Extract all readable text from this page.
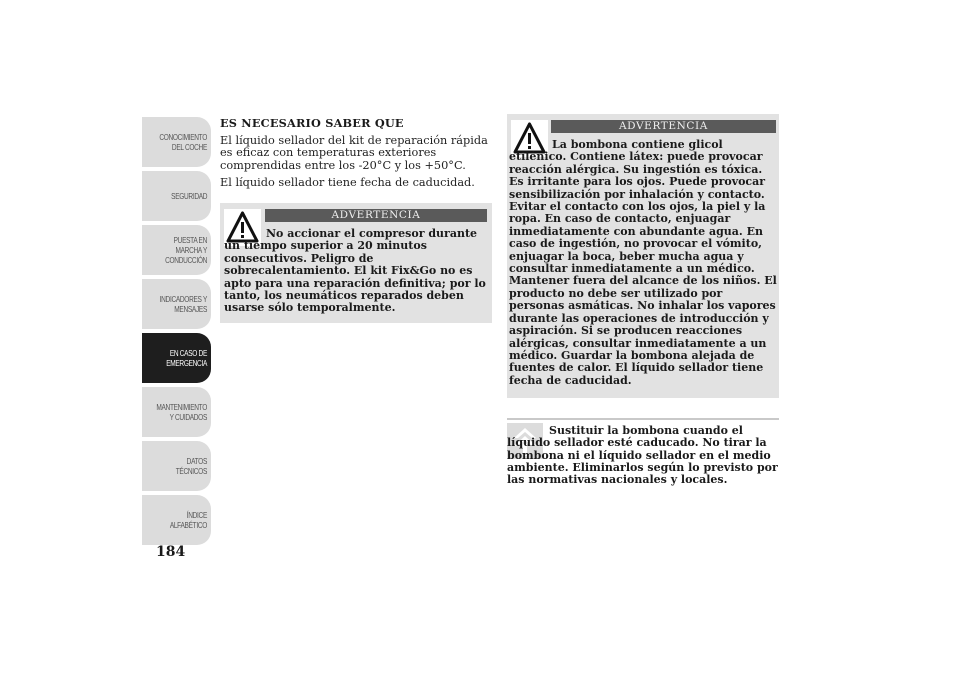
CONOCIMIENTO DEL COCHE
SEGURIDAD
PUESTA EN MARCHA Y CONDUCCIÓN
INDICADORES Y MENSAJES
EN CASO DE EMERGENCIA
MANTENIMIENTO Y CUIDADOS
DATOS TÉCNICOS
ÍNDICE ALFABÉTICO
184
ES NECESARIO SABER QUE
El líquido sellador del kit de reparación rápida es eficaz con temperaturas exteriores comprendidas entre los -20°C y los +50°C.
El líquido sellador tiene fecha de caducidad.
ADVERTENCIA
No accionar el compresor durante un tiempo superior a 20 minutos consecutivos. Peligro de sobrecalentamiento. El kit Fix&Go no es apto para una reparación definitiva; por lo tanto, los neumáticos reparados deben usarse sólo temporalmente.
ADVERTENCIA
La bombona contiene glicol etilénico. Contiene látex: puede provocar reacción alérgica. Su ingestión es tóxica. Es irritante para los ojos. Puede provocar sensibilización por inhalación y contacto. Evitar el contacto con los ojos, la piel y la ropa. En caso de contacto, enjuagar inmediatamente con abundante agua. En caso de ingestión, no provocar el vómito, enjuagar la boca, beber mucha agua y consultar inmediatamente a un médico. Mantener fuera del alcance de los niños. El producto no debe ser utilizado por personas asmáticas. No inhalar los vapores durante las operaciones de introducción y aspiración. Si se producen reacciones alérgicas, consultar inmediatamente a un médico. Guardar la bombona alejada de fuentes de calor. El líquido sellador tiene fecha de caducidad.
Sustituir la bombona cuando el líquido sellador esté caducado. No tirar la bombona ni el líquido sellador en el medio ambiente. Eliminarlos según lo previsto por las normativas nacionales y locales.
